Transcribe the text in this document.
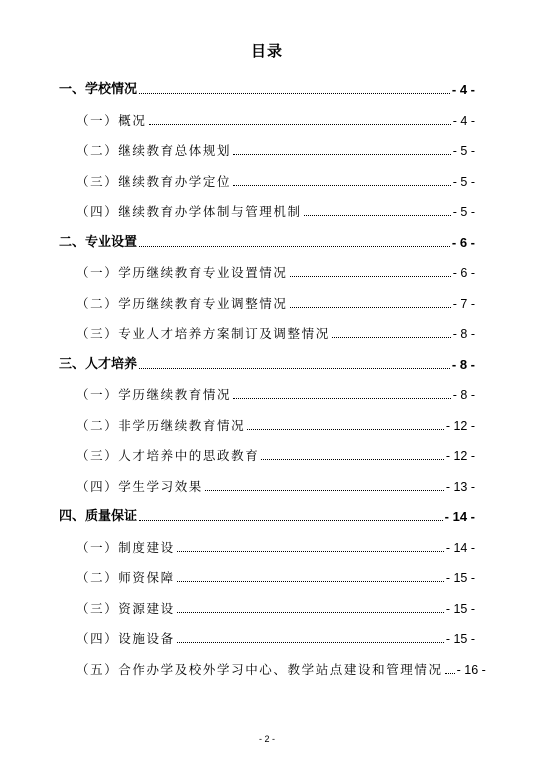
目录
一、学校情况	- 4 -
（一）概况	- 4 -
（二）继续教育总体规划	- 5 -
（三）继续教育办学定位	- 5 -
（四）继续教育办学体制与管理机制	- 5 -
二、专业设置	- 6 -
（一）学历继续教育专业设置情况	- 6 -
（二）学历继续教育专业调整情况	- 7 -
（三）专业人才培养方案制订及调整情况	- 8 -
三、人才培养	- 8 -
（一）学历继续教育情况	- 8 -
（二）非学历继续教育情况	- 12 -
（三）人才培养中的思政教育	- 12 -
（四）学生学习效果	- 13 -
四、质量保证	- 14 -
（一）制度建设	- 14 -
（二）师资保障	- 15 -
（三）资源建设	- 15 -
（四）设施设备	- 15 -
（五）合作办学及校外学习中心、教学站点建设和管理情况 - 16 -
- 2 -
